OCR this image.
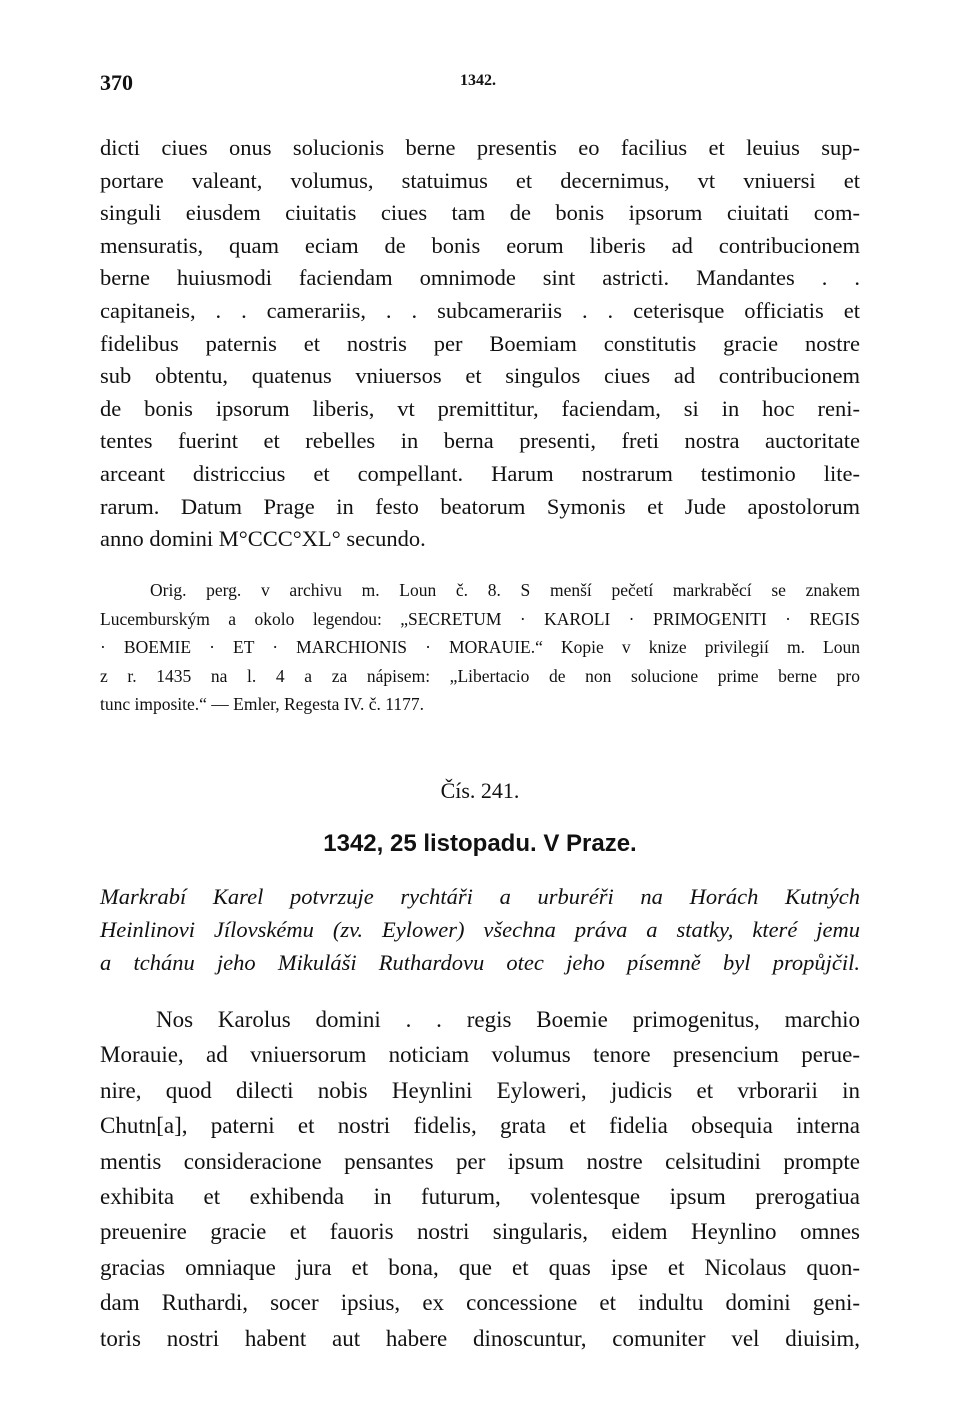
370	1342.
dicti ciues onus solucionis berne presentis eo facilius et leuius sup-
portare valeant, volumus, statuimus et decernimus, vt vniuersi et
singuli eiusdem ciuitatis ciues tam de bonis ipsorum ciuitati com-
mensuratis, quam eciam de bonis eorum liberis ad contribucionem
berne huiusmodi faciendam omnimode sint astricti. Mandantes . .
capitaneis, . . camerariis, . . subcamerariis . . ceterisque officiatis et
fidelibus paternis et nostris per Boemiam constitutis gracie nostre
sub obtentu, quatenus vniuersos et singulos ciues ad contribucionem
de bonis ipsorum liberis, vt premittitur, faciendam, si in hoc reni-
tentes fuerint et rebelles in berna presenti, freti nostra auctoritate
arceant districcius et compellant. Harum nostrarum testimonio lite-
rarum. Datum Prage in festo beatorum Symonis et Jude apostolorum
anno domini M°CCC°XL° secundo.
Orig. perg. v archivu m. Loun č. 8. S menší pečetí markraběcí se znakem
Lucemburským a okolo legendou: „SECRETUM · KAROLI · PRIMOGENITI · REGIS
· BOEMIE · ET · MARCHIONIS · MORAUIE.“ Kopie v knize privilegií m. Loun
z r. 1435 na l. 4 a za nápisem: „Libertacio de non solucione prime berne pro
tunc imposite.“ — Emler, Regesta IV. č. 1177.
Čís. 241.
1342, 25 listopadu. V Praze.
Markrabí Karel potvrzuje rychtáři a urburéři na Horách Kutných
Heinlinovi Jílovskému (zv. Eylower) všechna práva a statky, které jemu
a tchánu jeho Mikuláši Ruthardovu otec jeho písemně byl propůjčil.
Nos Karolus domini . . regis Boemie primogenitus, marchio
Morauie, ad vniuersorum noticiam volumus tenore presencium perue-
nire, quod dilecti nobis Heynlini Eyloweri, judicis et vrborarii in
Chutn[a], paterni et nostri fidelis, grata et fidelia obsequia interna
mentis consideracione pensantes per ipsum nostre celsitudini prompte
exhibita et exhibenda in futurum, volentesque ipsum prerogatiua
preuenire gracie et fauoris nostri singularis, eidem Heynlino omnes
gracias omniaque jura et bona, que et quas ipse et Nicolaus quon-
dam Ruthardi, socer ipsius, ex concessione et indultu domini geni-
toris nostri habent aut habere dinoscuntur, comuniter vel diuisim,
